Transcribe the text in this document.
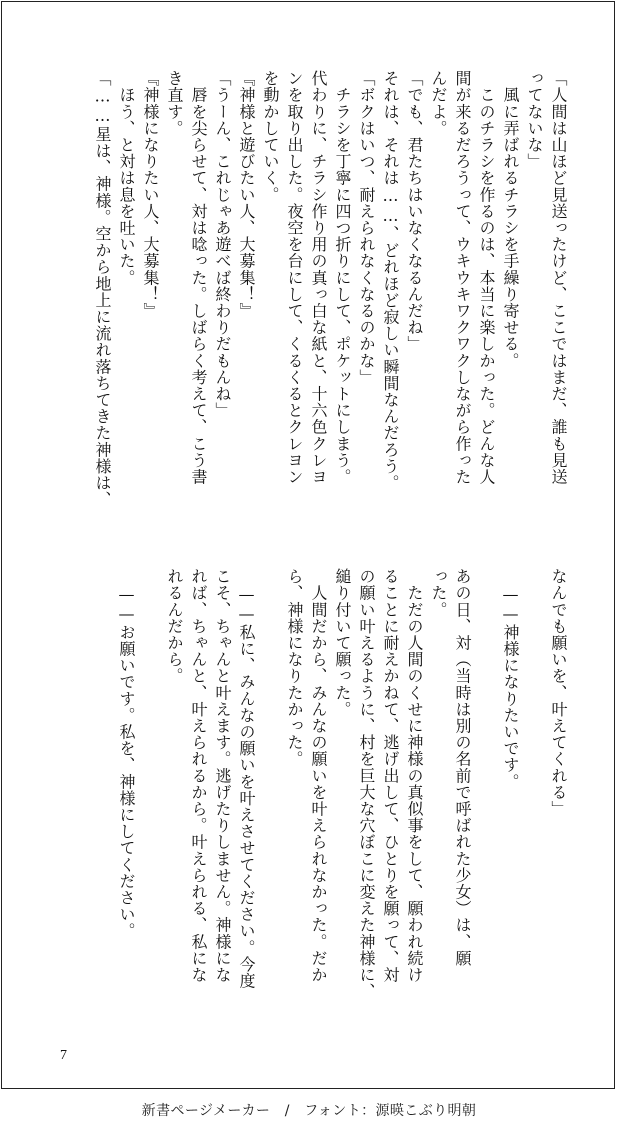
「人間は山ほど見送ったけど、ここではまだ、誰も見送
ってないな」
　風に弄ばれるチラシを手繰り寄せる。
　このチラシを作るのは、本当に楽しかった。どんな人
間が来るだろうって、ウキウキワクワクしながら作った
んだよ。
「でも、君たちはいなくなるんだね」
それは、それは……、どれほど寂しい瞬間なんだろう。
「ボクはいつ、耐えられなくなるのかな」
　チラシを丁寧に四つ折りにして、ポケットにしまう。
代わりに、チラシ作り用の真っ白な紙と、十六色クレヨ
ンを取り出した。夜空を台にして、くるくるとクレヨン
を動かしていく。
『神様と遊びたい人、大募集！』
「うーん、これじゃあ遊べば終わりだもんね」
　唇を尖らせて、対は唸った。しばらく考えて、こう書
き直す。
『神様になりたい人、大募集！』
　ほう、と対は息を吐いた。
「……星は、神様。空から地上に流れ落ちてきた神様は、
なんでも願いを、叶えてくれる」

　——神様になりたいです。

あの日、対（当時は別の名前で呼ばれた少女）は、願
った。
　ただの人間のくせに神様の真似事をして、願われ続け
ることに耐えかねて、逃げ出して、ひとりを願って、対
の願い叶えるように、村を巨大な穴ぼこに変えた神様に、
縋り付いて願った。
　人間だから、みんなの願いを叶えられなかった。だか
ら、神様になりたかった。

　——私に、みんなの願いを叶えさせてください。今度
こそ、ちゃんと叶えます。逃げたりしません。神様にな
れば、ちゃんと、叶えられるから。叶えられる、私にな
れるんだから。

　——お願いです。私を、神様にしてください。
7
新書ページメーカー　/　フォント：源暎こぶり明朝
